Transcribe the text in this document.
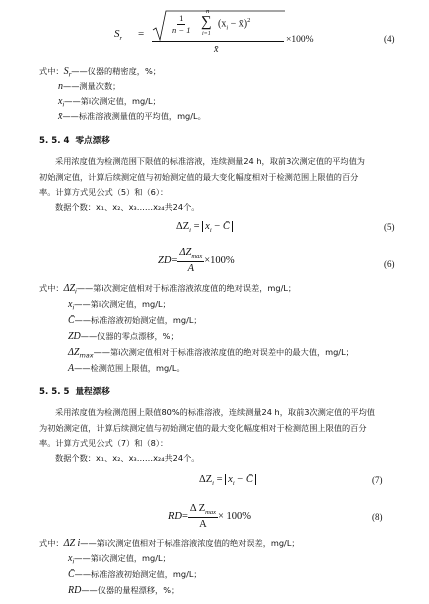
$S_r$ =	$\frac{1}{n - 1}$
n
∑
i=1
($x_i$ − x̄)$^2$
x̄
×100%	(4)
式中：$S_r——$仪器的精密度，%；
n——测量次数；
$x_i——$第i次测定值，mg/L；
x̄——标准溶液测量值的平均值，mg/L。
5. 5. 4 零点漂移
采用浓度值为检测范围下限值的标准溶液，连续测量24 h，取前3次测定值的平均值为
初始测定值，计算后续测定值与初始测定值的最大变化幅度相对于检测范围上限值的百分
率。计算方式见公式（5）和（6）：
数据个数：x₁、x₂、x₃……x₂₄共24个。
$\Delta Z_i = x_i$ − C̄	(5)
ZD = $\frac{\Delta Z_{max}}{A} \times 100\%$	(6)
式中：$\Delta Z_i——$第i次测定值相对于标准溶液浓度值的绝对误差，mg/L；
$x_i——$第i次测定值，mg/L；
C̄——标准溶液初始测定值，mg/L；
ZD——仪器的零点漂移，%；
$\Delta Z_{max}——$第i次测定值相对于标准溶液浓度值的绝对误差中的最大值，mg/L；
A——检测范围上限值，mg/L。
5. 5. 5 量程漂移
采用浓度值为检测范围上限值80%的标准溶液，连续测量24 h，取前3次测定值的平均值
为初始测定值，计算后续测定值与初始测定值的最大变化幅度相对于检测范围上限值的百分
率。计算方式见公式（7）和（8）：
数据个数：x₁、x₂、x₃……x₂₄共24个。
$\Delta Z_i = x_i$ − C̄	(7)
RD = $\frac{\Delta Z_{max}}{A} \times 100\%$	(8)
式中：ΔZ i——第i次测定值相对于标准溶液浓度值的绝对误差，mg/L；
$x_i——$第i次测定值，mg/L；
C̄——标准溶液初始测定值，mg/L；
RD——仪器的量程漂移，%；
